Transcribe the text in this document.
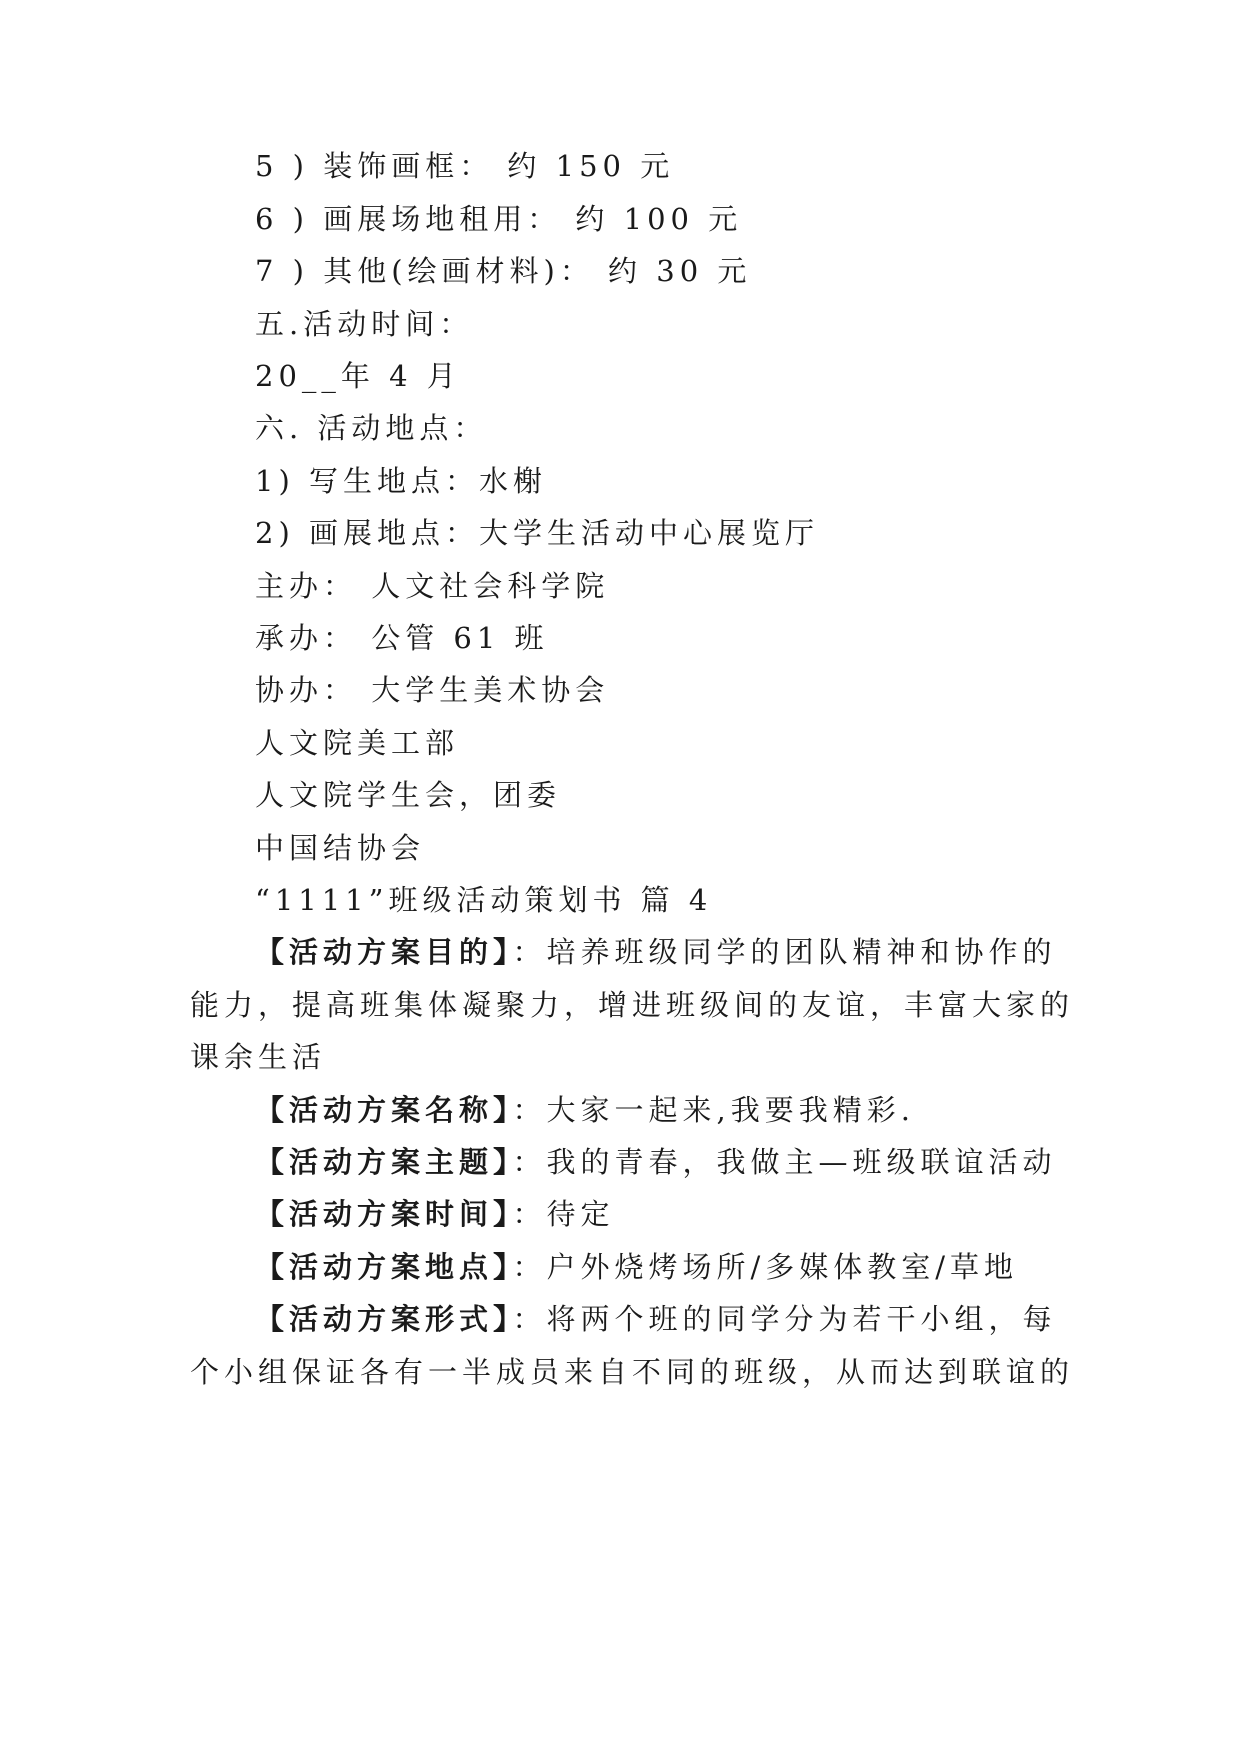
5 ) 装饰画框： 约 150 元
6 ) 画展场地租用： 约 100 元
7 ) 其他(绘画材料)： 约 30 元
五.活动时间：
20__年 4 月
六. 活动地点：
1) 写生地点：水榭
2) 画展地点：大学生活动中心展览厅
主办： 人文社会科学院
承办： 公管 61 班
协办： 大学生美术协会
人文院美工部
人文院学生会，团委
中国结协会
“1111”班级活动策划书 篇 4
【活动方案目的】：培养班级同学的团队精神和协作的
能力，提高班集体凝聚力，增进班级间的友谊，丰富大家的
课余生活
【活动方案名称】：大家一起来,我要我精彩.
【活动方案主题】：我的青春，我做主—班级联谊活动
【活动方案时间】：待定
【活动方案地点】：户外烧烤场所/多媒体教室/草地
【活动方案形式】：将两个班的同学分为若干小组，每
个小组保证各有一半成员来自不同的班级，从而达到联谊的
